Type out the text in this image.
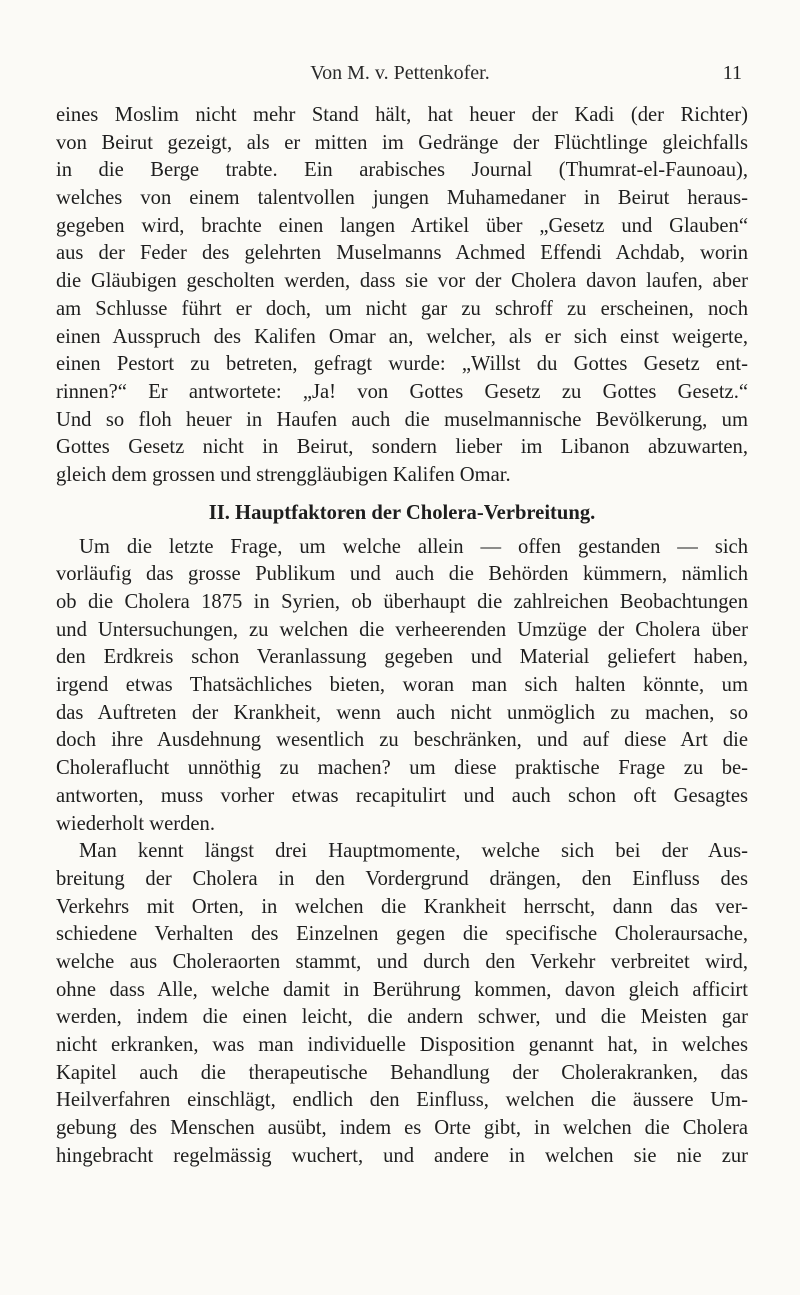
Von M. v. Pettenkofer.	11
eines Moslim nicht mehr Stand hält, hat heuer der Kadi (der Richter)
von Beirut gezeigt, als er mitten im Gedränge der Flüchtlinge gleichfalls
in die Berge trabte. Ein arabisches Journal (Thumrat-el-Faunoau),
welches von einem talentvollen jungen Muhamedaner in Beirut heraus-
gegeben wird, brachte einen langen Artikel über „Gesetz und Glauben“
aus der Feder des gelehrten Muselmanns Achmed Effendi Achdab, worin
die Gläubigen gescholten werden, dass sie vor der Cholera davon laufen, aber
am Schlusse führt er doch, um nicht gar zu schroff zu erscheinen, noch
einen Ausspruch des Kalifen Omar an, welcher, als er sich einst weigerte,
einen Pestort zu betreten, gefragt wurde: „Willst du Gottes Gesetz ent-
rinnen?“ Er antwortete: „Ja! von Gottes Gesetz zu Gottes Gesetz.“
Und so floh heuer in Haufen auch die muselmannische Bevölkerung, um
Gottes Gesetz nicht in Beirut, sondern lieber im Libanon abzuwarten,
gleich dem grossen und strenggläubigen Kalifen Omar.
II. Hauptfaktoren der Cholera-Verbreitung.
Um die letzte Frage, um welche allein — offen gestanden — sich
vorläufig das grosse Publikum und auch die Behörden kümmern, nämlich
ob die Cholera 1875 in Syrien, ob überhaupt die zahlreichen Beobachtungen
und Untersuchungen, zu welchen die verheerenden Umzüge der Cholera über
den Erdkreis schon Veranlassung gegeben und Material geliefert haben,
irgend etwas Thatsächliches bieten, woran man sich halten könnte, um
das Auftreten der Krankheit, wenn auch nicht unmöglich zu machen, so
doch ihre Ausdehnung wesentlich zu beschränken, und auf diese Art die
Choleraflucht unnöthig zu machen? um diese praktische Frage zu be-
antworten, muss vorher etwas recapitulirt und auch schon oft Gesagtes
wiederholt werden.
Man kennt längst drei Hauptmomente, welche sich bei der Aus-
breitung der Cholera in den Vordergrund drängen, den Einfluss des
Verkehrs mit Orten, in welchen die Krankheit herrscht, dann das ver-
schiedene Verhalten des Einzelnen gegen die specifische Choleraursache,
welche aus Choleraorten stammt, und durch den Verkehr verbreitet wird,
ohne dass Alle, welche damit in Berührung kommen, davon gleich afficirt
werden, indem die einen leicht, die andern schwer, und die Meisten gar
nicht erkranken, was man individuelle Disposition genannt hat, in welches
Kapitel auch die therapeutische Behandlung der Cholerakranken, das
Heilverfahren einschlägt, endlich den Einfluss, welchen die äussere Um-
gebung des Menschen ausübt, indem es Orte gibt, in welchen die Cholera
hingebracht regelmässig wuchert, und andere in welchen sie nie zur
